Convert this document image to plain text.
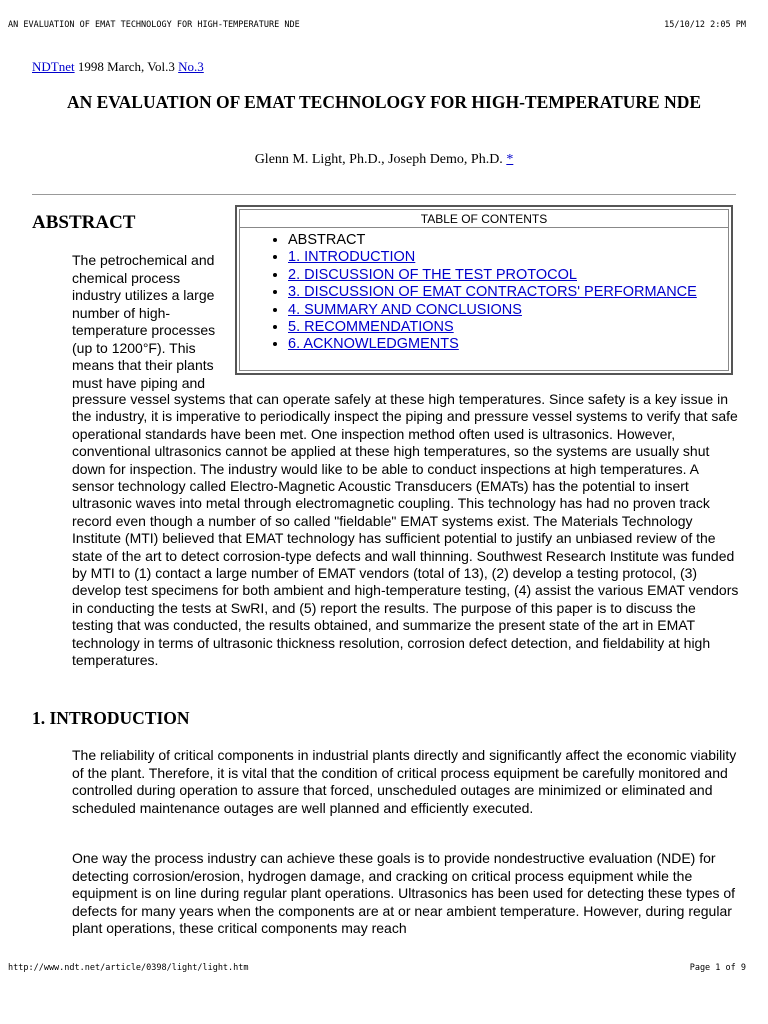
AN EVALUATION OF EMAT TECHNOLOGY FOR HIGH-TEMPERATURE NDE	15/10/12 2:05 PM
NDTnet 1998 March, Vol.3 No.3
AN EVALUATION OF EMAT TECHNOLOGY FOR HIGH-TEMPERATURE NDE
Glenn M. Light, Ph.D., Joseph Demo, Ph.D. *
TABLE OF CONTENTS
• ABSTRACT
• 1. INTRODUCTION
• 2. DISCUSSION OF THE TEST PROTOCOL
• 3. DISCUSSION OF EMAT CONTRACTORS' PERFORMANCE
• 4. SUMMARY AND CONCLUSIONS
• 5. RECOMMENDATIONS
• 6. ACKNOWLEDGMENTS
ABSTRACT
The petrochemical and chemical process industry utilizes a large number of high-temperature processes (up to 1200°F). This means that their plants must have piping and
pressure vessel systems that can operate safely at these high temperatures. Since safety is a key issue in the industry, it is imperative to periodically inspect the piping and pressure vessel systems to verify that safe operational standards have been met. One inspection method often used is ultrasonics. However, conventional ultrasonics cannot be applied at these high temperatures, so the systems are usually shut down for inspection. The industry would like to be able to conduct inspections at high temperatures. A sensor technology called Electro-Magnetic Acoustic Transducers (EMATs) has the potential to insert ultrasonic waves into metal through electromagnetic coupling. This technology has had no proven track record even though a number of so called "fieldable" EMAT systems exist. The Materials Technology Institute (MTI) believed that EMAT technology has sufficient potential to justify an unbiased review of the state of the art to detect corrosion-type defects and wall thinning. Southwest Research Institute was funded by MTI to (1) contact a large number of EMAT vendors (total of 13), (2) develop a testing protocol, (3) develop test specimens for both ambient and high-temperature testing, (4) assist the various EMAT vendors in conducting the tests at SwRI, and (5) report the results. The purpose of this paper is to discuss the testing that was conducted, the results obtained, and summarize the present state of the art in EMAT technology in terms of ultrasonic thickness resolution, corrosion defect detection, and fieldability at high temperatures.
1. INTRODUCTION
The reliability of critical components in industrial plants directly and significantly affect the economic viability of the plant. Therefore, it is vital that the condition of critical process equipment be carefully monitored and controlled during operation to assure that forced, unscheduled outages are minimized or eliminated and scheduled maintenance outages are well planned and efficiently executed.
One way the process industry can achieve these goals is to provide nondestructive evaluation (NDE) for detecting corrosion/erosion, hydrogen damage, and cracking on critical process equipment while the equipment is on line during regular plant operations. Ultrasonics has been used for detecting these types of defects for many years when the components are at or near ambient temperature. However, during regular plant operations, these critical components may reach
http://www.ndt.net/article/0398/light/light.htm	Page 1 of 9
